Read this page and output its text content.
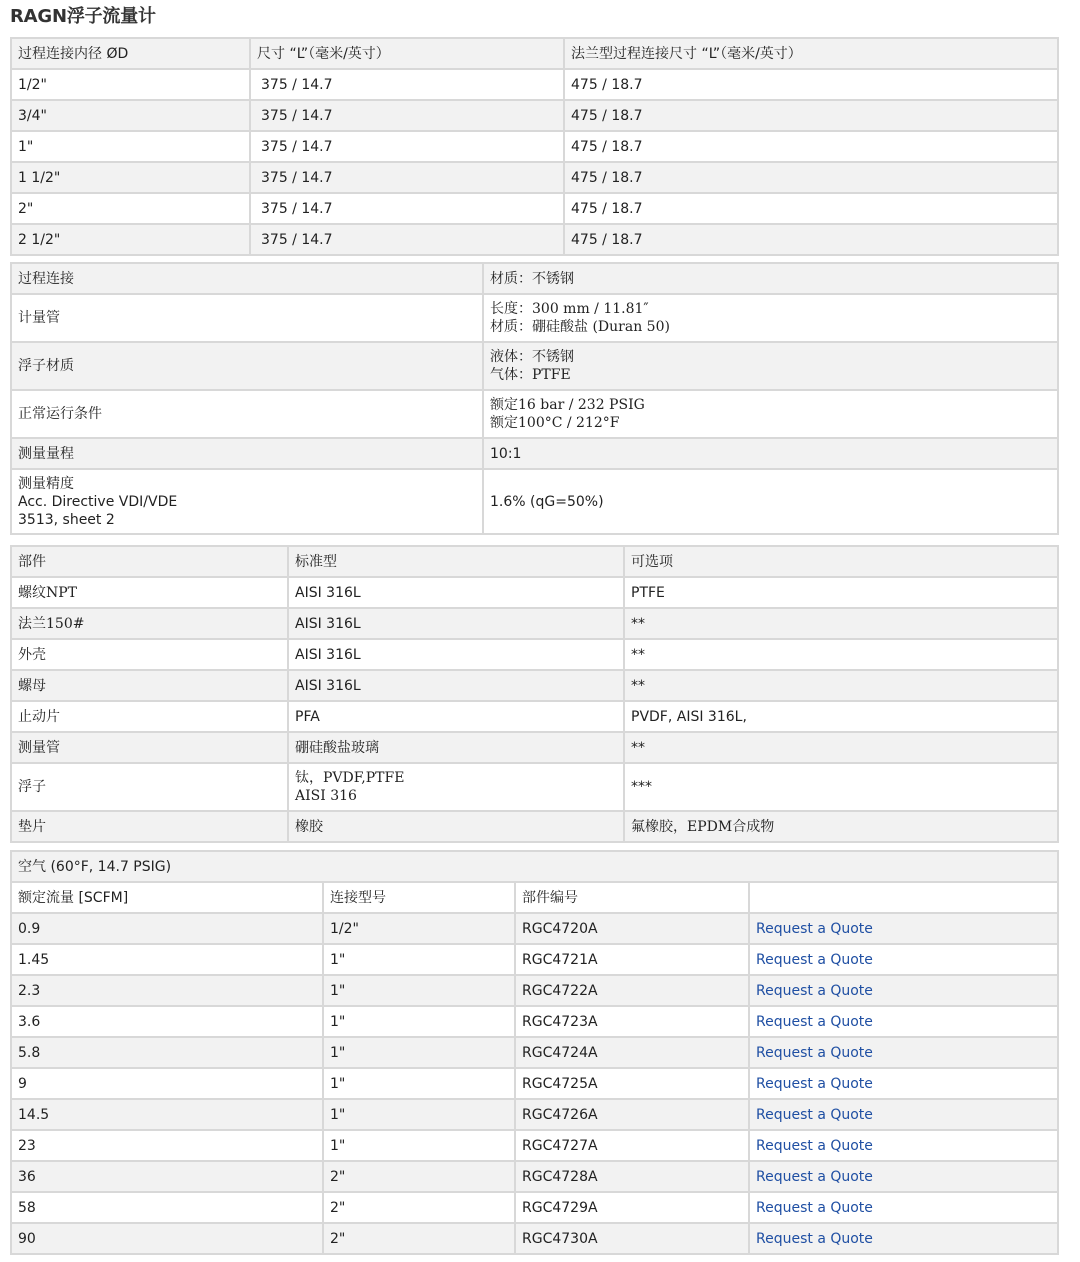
RAGN浮子流量计
过程连接内径 ØD	尺寸 “L”（毫米/英寸）	法兰型过程连接尺寸 “L”（毫米/英寸）
1/2"	375 / 14.7	475 / 18.7
3/4"	375 / 14.7	475 / 18.7
1"	375 / 14.7	475 / 18.7
1 1/2"	375 / 14.7	475 / 18.7
2"	375 / 14.7	475 / 18.7
2 1/2"	375 / 14.7	475 / 18.7
过程连接	材质：不锈钢

计量管	长度：300 mm / 11.81″
材质：硼硅酸盐 (Duran 50)

浮子材质	液体：不锈钢
气体：PTFE

正常运行条件	额定16 bar / 232 PSIG
额定100°C / 212°F

测量量程	10:1

测量精度
Acc. Directive VDI/VDE
3513, sheet 2	1.6% (qG=50%)
部件	标准型	可选项
螺纹NPT	AISI 316L	PTFE
法兰150#	AISI 316L	**
外壳	AISI 316L	**
螺母	AISI 316L	**
止动片	PFA	PVDF, AISI 316L,
测量管	硼硅酸盐玻璃	**
浮子	钛，PVDF,PTFE
AISI 316	***
垫片	橡胶	氟橡胶，EPDM合成物
空气 (60°F, 14.7 PSIG)			
额定流量 [SCFM]	连接型号	部件编号	
0.9	1/2"	RGC4720A	Request a Quote
1.45	1"	RGC4721A	Request a Quote
2.3	1"	RGC4722A	Request a Quote
3.6	1"	RGC4723A	Request a Quote
5.8	1"	RGC4724A	Request a Quote
9	1"	RGC4725A	Request a Quote
14.5	1"	RGC4726A	Request a Quote
23	1"	RGC4727A	Request a Quote
36	2"	RGC4728A	Request a Quote
58	2"	RGC4729A	Request a Quote
90	2"	RGC4730A	Request a Quote
